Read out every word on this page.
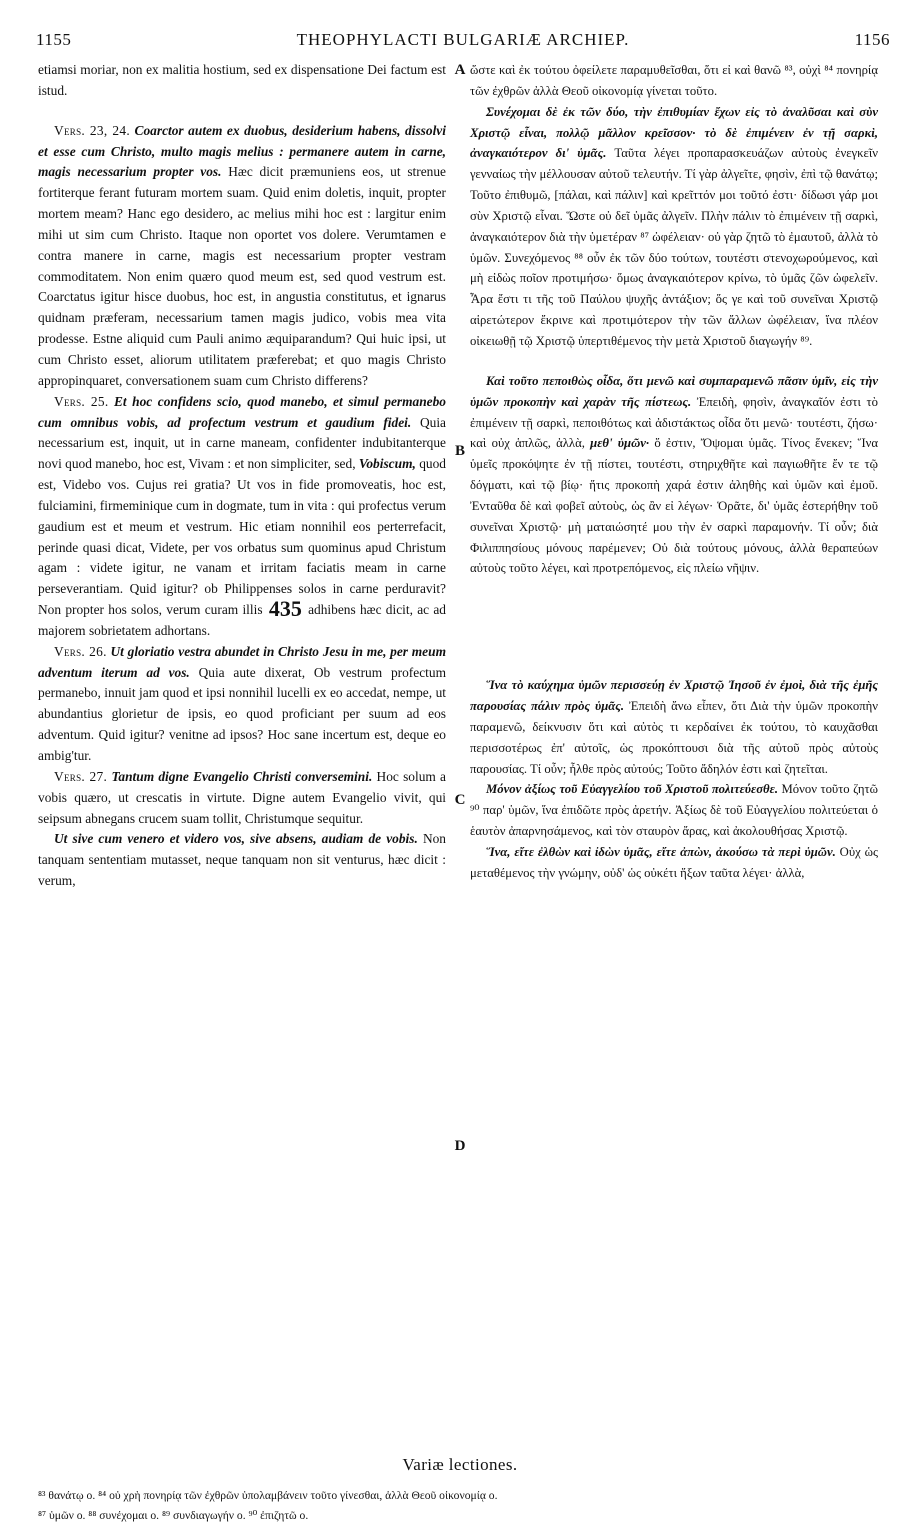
1155	THEOPHYLACTI BULGARIÆ ARCHIEP.	1156

etiamsi moriar, non ex malitia hostium, sed ex dispensatione Dei factum est istud.

Vers. 23, 24. Coarctor autem ex duobus, desiderium habens, dissolvi et esse cum Christo, multo magis melius : permanere autem in carne, magis necessarium propter vos. Hæc dicit præmuniens eos, ut strenue fortiterque ferant futuram mortem suam. Quid enim doletis, inquit, propter mortem meam? Hanc ego desidero, ac melius mihi hoc est : largitur enim mihi ut sim cum Christo. Itaque non oportet vos dolere. Verumtamen e contra manere in carne, magis est necessarium propter vestram commoditatem. Non enim quæro quod meum est, sed quod vestrum est. Coarctatus igitur hisce duobus, hoc est, in angustia constitutus, et ignarus quidnam præferam, necessarium tamen magis judico, vobis mea vita prodesse. Estne aliquid cum Pauli animo æquiparandum? Qui huic ipsi, ut cum Christo esset, aliorum utilitatem præferebat; et quo magis Christo appropinquaret, conversationem suam cum Christo differens?

Vers. 25. Et hoc confidens scio, quod manebo, et simul permanebo cum omnibus vobis, ad profectum vestrum et gaudium fidei. Quia necessarium est, inquit, ut in carne maneam, confidenter indubitanterque novi quod manebo, hoc est, Vivam : et non simpliciter, sed, Vobiscum, quod est, Videbo vos. Cujus rei gratia? Ut vos in fide promoveatis, hoc est, fulciamini, firmeminique cum in dogmate, tum in vita : qui profectus verum gaudium est et meum et vestrum. Hic etiam nonnihil eos perterrefacit, perinde quasi dicat, Videte, per vos orbatus sum quominus apud Christum agam : videte igitur, ne vanam et irritam faciatis meam in carne perseverantiam. Quid igitur? ob Philippenses solos in carne perduravit? Non propter hos solos, verum curam illis 435 adhibens hæc dicit, ac ad majorem sobrietatem adhortans.

Vers. 26. Ut gloriatio vestra abundet in Christo Jesu in me, per meum adventum iterum ad vos. Quia aute dixerat, Ob vestrum profectum permanebo, innuit jam quod et ipsi nonnihil lucelli ex eo accedat, nempe, ut abundantius glorietur de ipsis, eo quod proficiant per suum ad eos adventum. Quid igitur? venitne ad ipsos? Hoc sane incertum est, deque eo ambig'tur.

Vers. 27. Tantum digne Evangelio Christi conversemini. Hoc solum a vobis quæro, ut crescatis in virtute. Digne autem Evangelio vivit, qui seipsum abnegans crucem suam tollit, Christumque sequitur.

Ut sive cum venero et videro vos, sive absens, audiam de vobis. Non tanquam sententiam mutasset, neque tanquam non sit venturus, hæc dicit : verum,

A
B
C
D

ὥστε καὶ ἐκ τούτου ὀφείλετε παραμυθεῖσθαι, ὅτι εἰ καὶ θανῶ ⁸³, οὐχὶ ⁸⁴ πονηρίᾳ τῶν ἐχθρῶν ἀλλὰ Θεοῦ οἰκονομίᾳ γίνεται τοῦτο.

Συνέχομαι δὲ ἐκ τῶν δύο, τὴν ἐπιθυμίαν ἔχων εἰς τὸ ἀναλῦσαι καὶ σὺν Χριστῷ εἶναι, πολλῷ μᾶλλον κρεῖσσον· τὸ δὲ ἐπιμένειν ἐν τῇ σαρκὶ, ἀναγκαιότερον δι' ὑμᾶς. Ταῦτα λέγει προπαρασκευάζων αὐτοὺς ἐνεγκεῖν γενναίως τὴν μέλλουσαν αὐτοῦ τελευτήν. Τί γὰρ ἀλγεῖτε, φησὶν, ἐπὶ τῷ θανάτῳ; Τοῦτο ἐπιθυμῶ, [πάλαι, καὶ πάλιν] καὶ κρεῖττόν μοι τοῦτό ἐστι· δίδωσι γάρ μοι σὺν Χριστῷ εἶναι. Ὥστε οὐ δεῖ ὑμᾶς ἀλγεῖν. Πλὴν πάλιν τὸ ἐπιμένειν τῇ σαρκὶ, ἀναγκαιότερον διὰ τὴν ὑμετέραν ⁸⁷ ὠφέλειαν· οὐ γὰρ ζητῶ τὸ ἐμαυτοῦ, ἀλλὰ τὸ ὑμῶν. Συνεχόμενος ⁸⁸ οὖν ἐκ τῶν δύο τούτων, τουτέστι στενοχωρούμενος, καὶ μὴ εἰδὼς ποῖον προτιμήσω· ὅμως ἀναγκαιότερον κρίνω, τὸ ὑμᾶς ζῶν ὠφελεῖν. Ἆρα ἔστι τι τῆς τοῦ Παύλου ψυχῆς ἀντάξιον; ὅς γε καὶ τοῦ συνεῖναι Χριστῷ αἱρετώτερον ἔκρινε καὶ προτιμότερον τὴν τῶν ἄλλων ὠφέλειαν, ἵνα πλέον οἰκειωθῇ τῷ Χριστῷ ὑπερτιθέμενος τὴν μετὰ Χριστοῦ διαγωγήν ⁸⁹.

Καὶ τοῦτο πεποιθὼς οἶδα, ὅτι μενῶ καὶ συμπαραμενῶ πᾶσιν ὑμῖν, εἰς τὴν ὑμῶν προκοπὴν καὶ χαρὰν τῆς πίστεως. Ἐπειδὴ, φησὶν, ἀναγκαῖόν ἐστι τὸ ἐπιμένειν τῇ σαρκὶ, πεποιθότως καὶ ἀδιστάκτως οἶδα ὅτι μενῶ· τουτέστι, ζήσω· καὶ οὐχ ἁπλῶς, ἀλλὰ, μεθ' ὑμῶν· ὅ ἐστιν, Ὄψομαι ὑμᾶς. Τίνος ἕνεκεν; Ἵνα ὑμεῖς προκόψητε ἐν τῇ πίστει, τουτέστι, στηριχθῆτε καὶ παγιωθῆτε ἔν τε τῷ δόγματι, καὶ τῷ βίῳ· ἥτις προκοπὴ χαρά ἐστιν ἀληθὴς καὶ ὑμῶν καὶ ἐμοῦ. Ἐνταῦθα δὲ καὶ φοβεῖ αὐτοὺς, ὡς ἂν εἰ λέγων· Ὁρᾶτε, δι' ὑμᾶς ἐστερήθην τοῦ συνεῖναι Χριστῷ· μὴ ματαιώσητέ μου τὴν ἐν σαρκὶ παραμονήν. Τί οὖν; διὰ Φιλιππησίους μόνους παρέμενεν; Οὐ διὰ τούτους μόνους, ἀλλὰ θεραπεύων αὐτοὺς τοῦτο λέγει, καὶ προτρεπόμενος, εἰς πλείω νῆψιν.

Ἵνα τὸ καύχημα ὑμῶν περισσεύῃ ἐν Χριστῷ Ἰησοῦ ἐν ἐμοὶ, διὰ τῆς ἐμῆς παρουσίας πάλιν πρὸς ὑμᾶς. Ἐπειδὴ ἄνω εἶπεν, ὅτι Διὰ τὴν ὑμῶν προκοπὴν παραμενῶ, δείκνυσιν ὅτι καὶ αὐτὸς τι κερδαίνει ἐκ τούτου, τὸ καυχᾶσθαι περισσοτέρως ἐπ' αὐτοῖς, ὡς προκόπτουσι διὰ τῆς αὐτοῦ πρὸς αὐτοὺς παρουσίας. Τί οὖν; ἦλθε πρὸς αὐτούς; Τοῦτο ἄδηλόν ἐστι καὶ ζητεῖται.

Μόνον ἀξίως τοῦ Εὐαγγελίου τοῦ Χριστοῦ πολιτεύεσθε. Μόνον τοῦτο ζητῶ ⁹⁰ παρ' ὑμῶν, ἵνα ἐπιδῶτε πρὸς ἀρετήν. Ἀξίως δὲ τοῦ Εὐαγγελίου πολιτεύεται ὁ ἑαυτὸν ἀπαρνησάμενος, καὶ τὸν σταυρὸν ἄρας, καὶ ἀκολουθήσας Χριστῷ.

Ἵνα, εἴτε ἐλθὼν καὶ ἰδὼν ὑμᾶς, εἴτε ἀπὼν, ἀκούσω τὰ περὶ ὑμῶν. Οὐχ ὡς μεταθέμενος τὴν γνώμην, οὐδ' ὡς οὐκέτι ἥξων ταῦτα λέγει· ἀλλὰ,

Variæ lectiones.
⁸³ θανάτῳ ο. ⁸⁴ οὐ χρὴ πονηρίᾳ τῶν ἐχθρῶν ὑπολαμβάνειν τοῦτο γίνεσθαι, ἀλλὰ Θεοῦ οἰκονομίᾳ ο.
⁸⁷ ὑμῶν ο. ⁸⁸ συνέχομαι ο. ⁸⁹ συνδιαγωγήν ο. ⁹⁰ ἐπιζητῶ ο.
